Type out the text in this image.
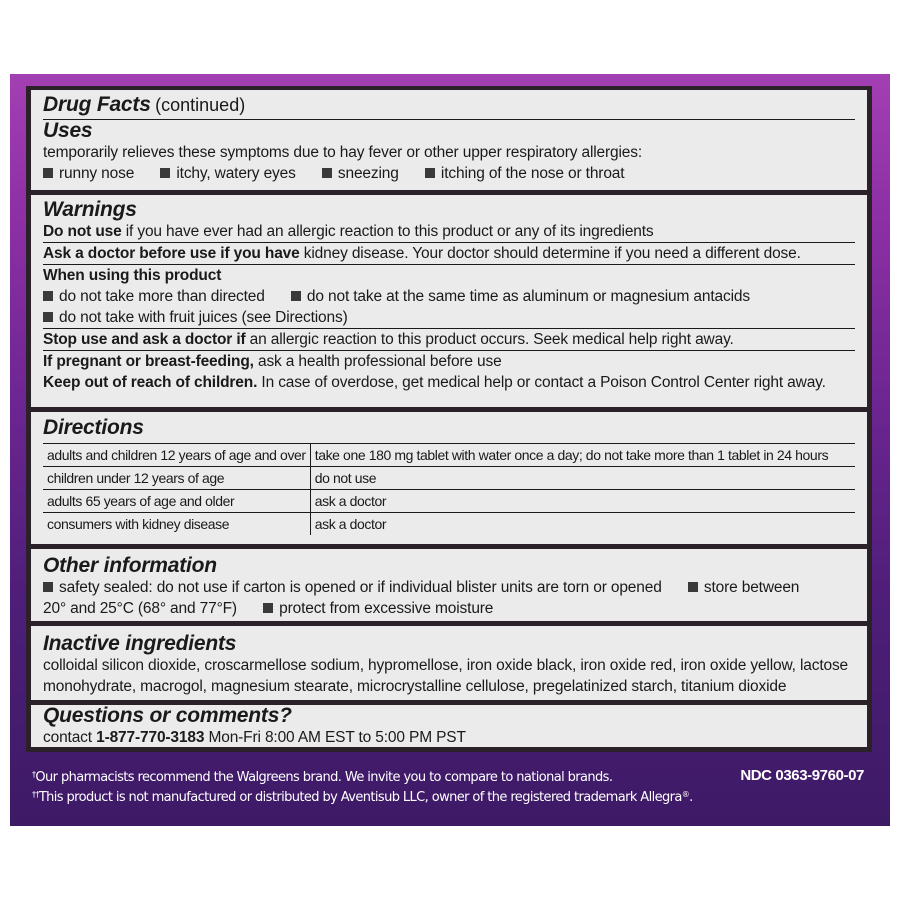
Drug Facts (continued)
Uses
temporarily relieves these symptoms due to hay fever or other upper respiratory allergies:
runny nose	itchy, watery eyes	sneezing	itching of the nose or throat
Warnings
Do not use if you have ever had an allergic reaction to this product or any of its ingredients
Ask a doctor before use if you have kidney disease. Your doctor should determine if you need a different dose.
When using this product
do not take more than directed	do not take at the same time as aluminum or magnesium antacids
do not take with fruit juices (see Directions)
Stop use and ask a doctor if an allergic reaction to this product occurs. Seek medical help right away.
If pregnant or breast-feeding, ask a health professional before use
Keep out of reach of children. In case of overdose, get medical help or contact a Poison Control Center right away.
Directions
adults and children 12 years of age and over	take one 180 mg tablet with water once a day; do not take more than 1 tablet in 24 hours
children under 12 years of age	do not use
adults 65 years of age and older	ask a doctor
consumers with kidney disease	ask a doctor
Other information
safety sealed: do not use if carton is opened or if individual blister units are torn or opened	store between
20° and 25°C (68° and 77°F)	protect from excessive moisture
Inactive ingredients
colloidal silicon dioxide, croscarmellose sodium, hypromellose, iron oxide black, iron oxide red, iron oxide yellow, lactose
monohydrate, macrogol, magnesium stearate, microcrystalline cellulose, pregelatinized starch, titanium dioxide
Questions or comments?
contact 1-877-770-3183 Mon-Fri 8:00 AM EST to 5:00 PM PST
†Our pharmacists recommend the Walgreens brand. We invite you to compare to national brands.
††This product is not manufactured or distributed by Aventisub LLC, owner of the registered trademark Allegra®.
NDC 0363-9760-07
